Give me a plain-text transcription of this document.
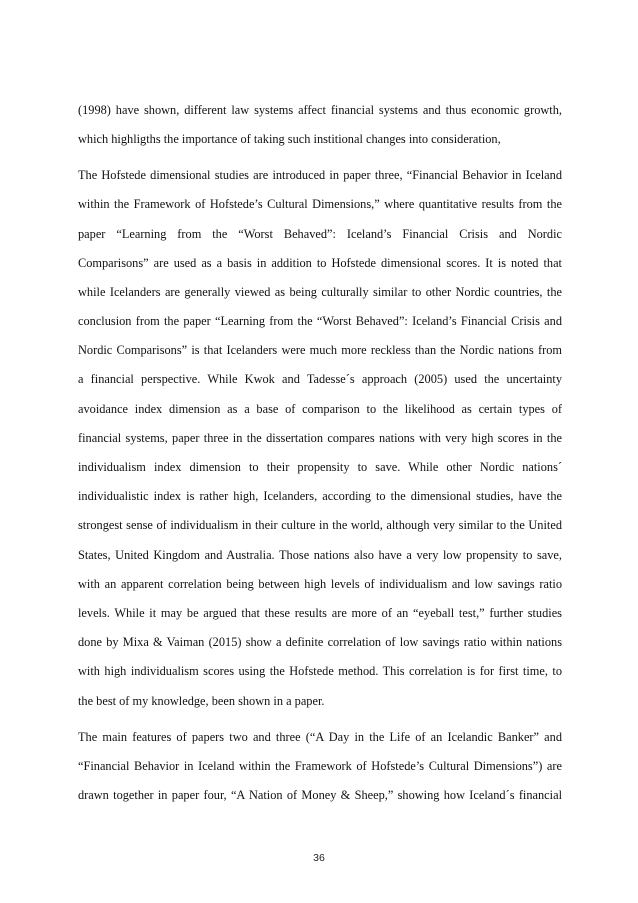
(1998) have shown, different law systems affect financial systems and thus economic growth,
which highligths the importance of taking such institional changes into consideration,

The Hofstede dimensional studies are introduced in paper three, “Financial Behavior in Iceland
within the Framework of Hofstede’s Cultural Dimensions,” where quantitative results from the
paper “Learning from the “Worst Behaved”: Iceland’s Financial Crisis and Nordic
Comparisons” are used as a basis in addition to Hofstede dimensional scores. It is noted that
while Icelanders are generally viewed as being culturally similar to other Nordic countries, the
conclusion from the paper “Learning from the “Worst Behaved”: Iceland’s Financial Crisis and
Nordic Comparisons” is that Icelanders were much more reckless than the Nordic nations from
a financial perspective. While Kwok and Tadesse´s approach (2005) used the uncertainty
avoidance index dimension as a base of comparison to the likelihood as certain types of
financial systems, paper three in the dissertation compares nations with very high scores in the
individualism index dimension to their propensity to save. While other Nordic nations´
individualistic index is rather high, Icelanders, according to the dimensional studies, have the
strongest sense of individualism in their culture in the world, although very similar to the United
States, United Kingdom and Australia. Those nations also have a very low propensity to save,
with an apparent correlation being between high levels of individualism and low savings ratio
levels. While it may be argued that these results are more of an “eyeball test,” further studies
done by Mixa & Vaiman (2015) show a definite correlation of low savings ratio within nations
with high individualism scores using the Hofstede method. This correlation is for first time, to
the best of my knowledge, been shown in a paper.

The main features of papers two and three (“A Day in the Life of an Icelandic Banker” and
“Financial Behavior in Iceland within the Framework of Hofstede’s Cultural Dimensions”) are
drawn together in paper four, “A Nation of Money & Sheep,” showing how Iceland´s financial

36
